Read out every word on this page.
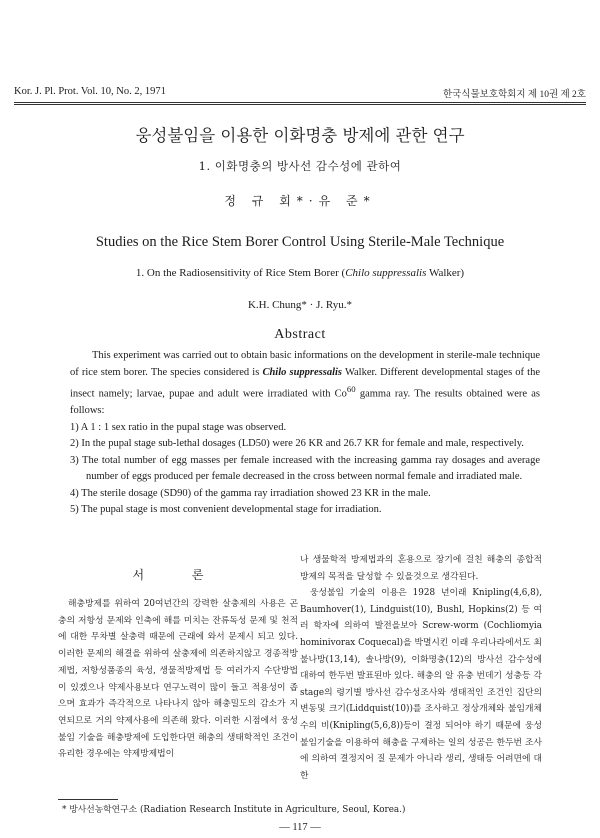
Kor. J. Pl. Prot. Vol. 10, No. 2, 1971	한국식물보호학회지 제 10권 제 2호
웅성불임을 이용한 이화명충 방제에 관한 연구
1. 이화명충의 방사선 감수성에 관하여
정 규 회*·유 준*
Studies on the Rice Stem Borer Control Using Sterile-Male Technique
1. On the Radiosensitivity of Rice Stem Borer (Chilo suppressalis Walker)
K.H. Chung* · J. Ryu.*
Abstract

This experiment was carried out to obtain basic informations on the development in sterile-male technique of rice stem borer. The species considered is Chilo suppressalis Walker. Different developmental stages of the insect namely; larvae, pupae and adult were irradiated with Co$^{60}$ gamma ray. The results obtained were as follows:

1) A 1 : 1 sex ratio in the pupal stage was observed.
2) In the pupal stage sub-lethal dosages (LD50) were 26 KR and 26.7 KR for female and male, respectively.
3) The total number of egg masses per female increased with the increasing gamma ray dosages and average number of eggs produced per female decreased in the cross between normal female and irradiated male.
4) The sterile dosage (SD90) of the gamma ray irradiation showed 23 KR in the male.
5) The pupal stage is most convenient developmental stage for irradiation.
서 론

해충방제를 위하여 20여년간의 강력한 살충제의 사용은 곤충의 저항성 문제와 인축에 해를 미치는 잔류독성 문제 및 천적에 대한 무차별 살충력 때문에 근래에 와서 문제시 되고 있다. 이러한 문제의 해결을 위하여 살충제에 의존하지않고 경종적방제법, 저항성품종의 육성, 생물적방제법 등 여러가지 수단방법이 있겠으나 약제사용보다 연구노력이 많이 들고 적용성이 좁으며 효과가 즉각적으로 나타나지 않아 해충밀도의 감소가 지연되므로 거의 약제사용에 의존해 왔다. 이러한 시점에서 웅성불임 기술을 해충방제에 도입한다면 해충의 생태학적인 조건이 유리한 경우에는 약제방제법이

나 생물학적 방제법과의 혼용으로 장기에 걸친 해충의 종합적 방제의 목적을 달성할 수 있을것으로 생각된다.

웅성불임 기술의 이용은 1928 년이래 Knipling(4,6,8), Baumhover(1), Lindguist(10), Bushl, Hopkins(2) 등 여러 학자에 의하여 발전을보아 Screw-worm (Cochliomyia hominivorax Coquecal)을 박멸시킨 이래 우리나라에서도 최불나방(13,14), 솔나방(9), 이화명충(12)의 방사선 감수성에 대하여 한두번 발표된바 있다. 해충의 알 유충 번데기 성충등 각 stage의 령기별 방사선 감수성조사와 생태적인 조건인 집단의 변동및 크기(Liddquist(10))를 조사하고 정상개체와 불임개체수의 비(Knipling(5,6,8))등이 결정 되어야 하기 때문에 웅성불임기술을 이용하여 해충을 구제하는 일의 성공은 한두번 조사에 의하여 결정지어 질 문제가 아니라 생리, 생태등 어려면에 대한

* 방사선농학연구소 (Radiation Research Institute in Agriculture, Seoul, Korea.)
— 117 —
